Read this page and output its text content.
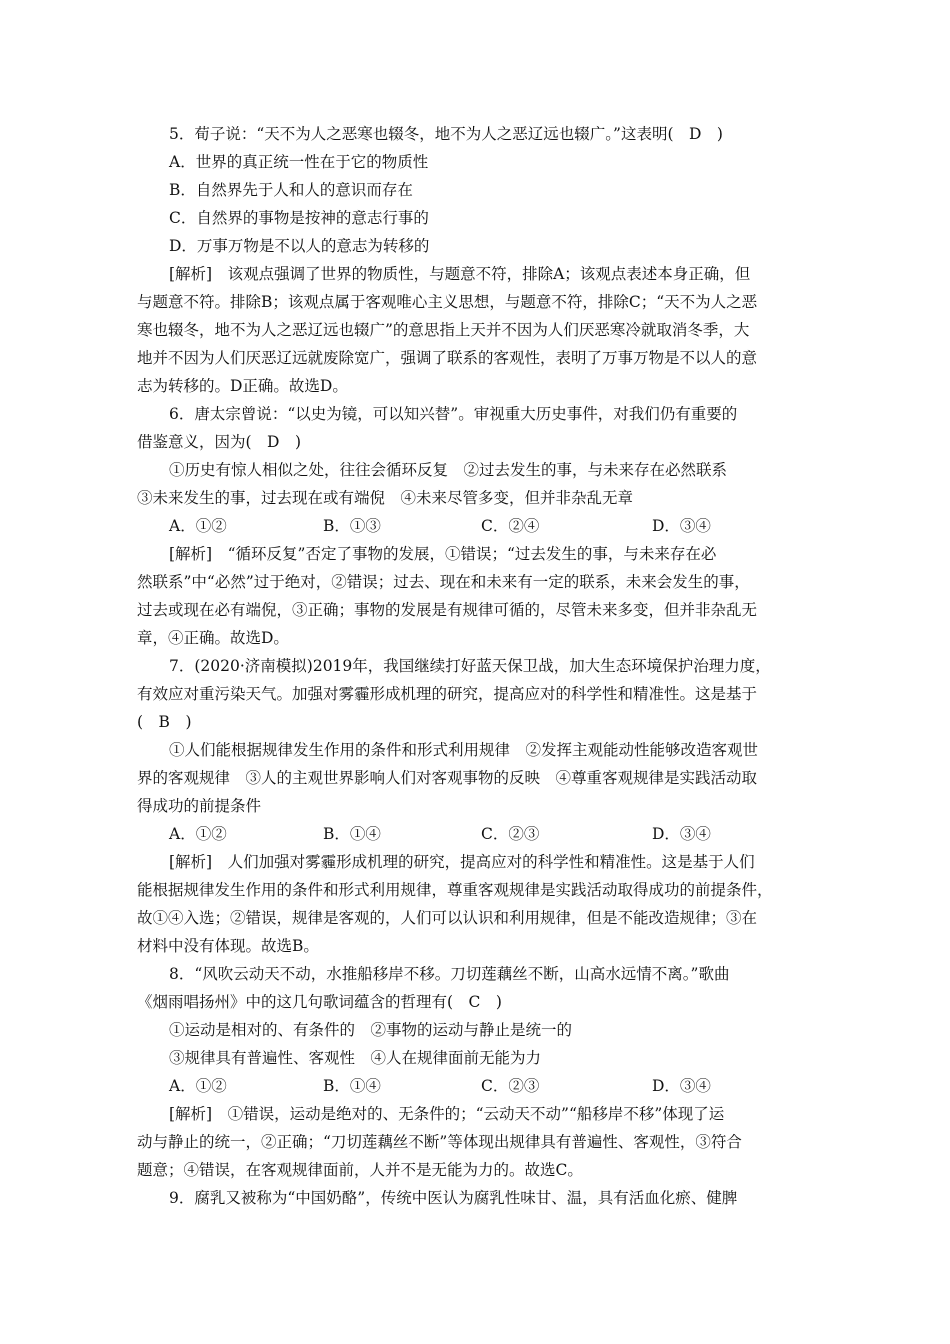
5．荀子说：“天不为人之恶寒也辍冬，地不为人之恶辽远也辍广。”这表明(　D　)
A．世界的真正统一性在于它的物质性
B．自然界先于人和人的意识而存在
C．自然界的事物是按神的意志行事的
D．万事万物是不以人的意志为转移的
[解析]　该观点强调了世界的物质性，与题意不符，排除A；该观点表述本身正确，但
与题意不符。排除B；该观点属于客观唯心主义思想，与题意不符，排除C；“天不为人之恶
寒也辍冬，地不为人之恶辽远也辍广”的意思指上天并不因为人们厌恶寒冷就取消冬季，大
地并不因为人们厌恶辽远就废除宽广，强调了联系的客观性，表明了万事万物是不以人的意
志为转移的。D正确。故选D。
6．唐太宗曾说：“以史为镜，可以知兴替”。审视重大历史事件，对我们仍有重要的
借鉴意义，因为(　D　)
①历史有惊人相似之处，往往会循环反复　②过去发生的事，与未来存在必然联系
③未来发生的事，过去现在或有端倪　④未来尽管多变，但并非杂乱无章
A．①②	B．①③	C．②④	D．③④
[解析]　“循环反复”否定了事物的发展，①错误；“过去发生的事，与未来存在必
然联系”中“必然”过于绝对，②错误；过去、现在和未来有一定的联系，未来会发生的事，
过去或现在必有端倪，③正确；事物的发展是有规律可循的，尽管未来多变，但并非杂乱无
章，④正确。故选D。
7．(2020·济南模拟)2019年，我国继续打好蓝天保卫战，加大生态环境保护治理力度，
有效应对重污染天气。加强对雾霾形成机理的研究，提高应对的科学性和精准性。这是基于
(　B　)
①人们能根据规律发生作用的条件和形式利用规律　②发挥主观能动性能够改造客观世
界的客观规律　③人的主观世界影响人们对客观事物的反映　④尊重客观规律是实践活动取
得成功的前提条件
A．①②	B．①④	C．②③	D．③④
[解析]　人们加强对雾霾形成机理的研究，提高应对的科学性和精准性。这是基于人们
能根据规律发生作用的条件和形式利用规律，尊重客观规律是实践活动取得成功的前提条件，
故①④入选；②错误，规律是客观的，人们可以认识和利用规律，但是不能改造规律；③在
材料中没有体现。故选B。
8．“风吹云动天不动，水推船移岸不移。刀切莲藕丝不断，山高水远情不离。”歌曲
《烟雨唱扬州》中的这几句歌词蕴含的哲理有(　C　)
①运动是相对的、有条件的　②事物的运动与静止是统一的
③规律具有普遍性、客观性　④人在规律面前无能为力
A．①②	B．①④	C．②③	D．③④
[解析]　①错误，运动是绝对的、无条件的；“云动天不动”“船移岸不移”体现了运
动与静止的统一，②正确；“刀切莲藕丝不断”等体现出规律具有普遍性、客观性，③符合
题意；④错误，在客观规律面前，人并不是无能为力的。故选C。
9．腐乳又被称为“中国奶酪”，传统中医认为腐乳性味甘、温，具有活血化瘀、健脾
